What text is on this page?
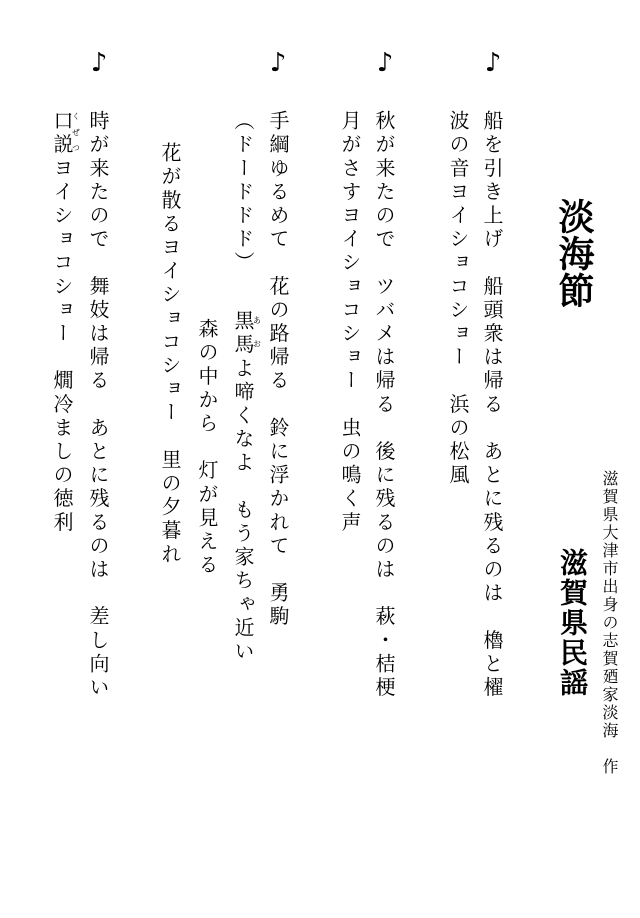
淡海節
滋賀県民謡 滋賀県大津市出身の志賀廼家淡海　作
♪
船を引き上げ　船頭衆は帰る　あとに残るのは　櫓と櫂
波の音ヨイショコショー　浜の松風
♪
秋が来たので　ツバメは帰る　後に残るのは　萩・桔梗
月がさすヨイショコショー　虫の鳴く声
♪
手綱ゆるめて　花の路帰る　鈴に浮かれて　勇駒
（ドードドド）
黒馬あおよ啼くなよ　もう家ちゃ近い
森の中から　灯が見える
花が散るヨイショコショー　里の夕暮れ
♪
時が来たので　舞妓は帰る　あとに残るのは　差し向い
口説くぜつヨイショコショー　燗冷ましの徳利
